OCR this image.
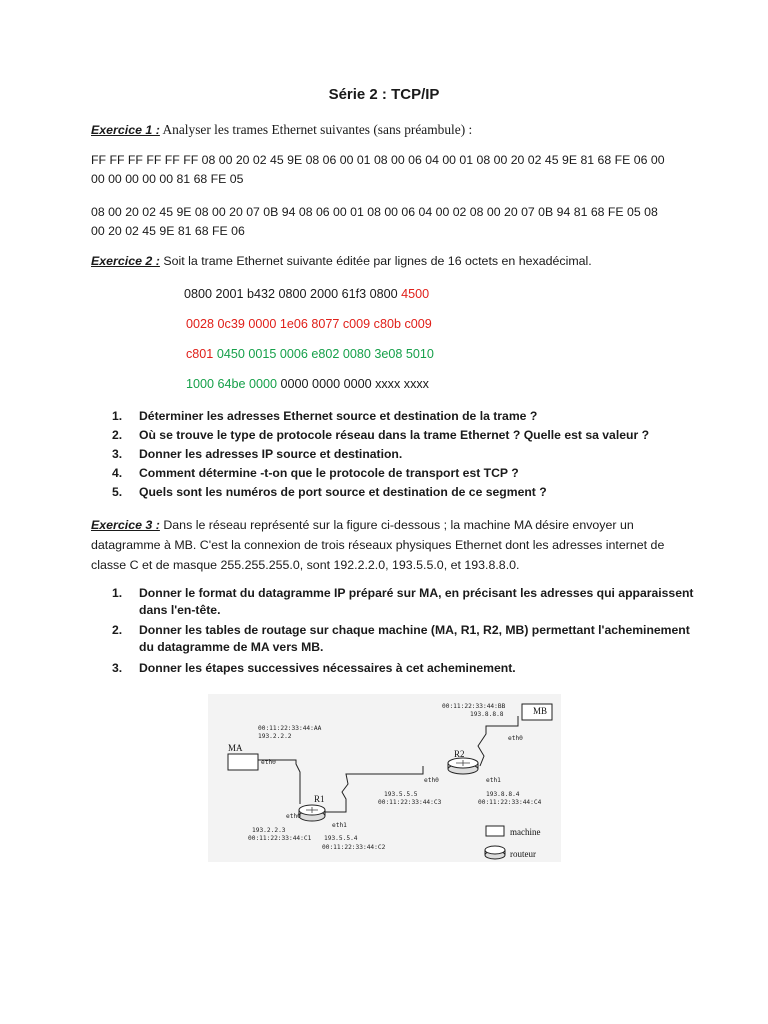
Série 2 : TCP/IP
Exercice 1 : Analyser les trames Ethernet suivantes (sans préambule) :
FF FF FF FF FF FF 08 00 20 02 45 9E 08 06 00 01 08 00 06 04 00 01 08 00 20 02 45 9E 81 68 FE 06 00
00 00 00 00 00 81 68 FE 05
08 00 20 02 45 9E 08 00 20 07 0B 94 08 06 00 01 08 00 06 04 00 02 08 00 20 07 0B 94 81 68 FE 05 08
00 20 02 45 9E 81 68 FE 06
Exercice 2 : Soit la trame Ethernet suivante éditée par lignes de 16 octets en hexadécimal.
0800 2001 b432 0800 2000 61f3 0800 4500
0028 0c39 0000 1e06 8077 c009 c80b c009
c801 0450 0015 0006 e802 0080 3e08 5010
1000 64be 0000 0000 0000 0000 xxxx xxxx
1.	Déterminer les adresses Ethernet source et destination de la trame ?
2.	Où se trouve le type de protocole réseau dans la trame Ethernet ? Quelle est sa valeur ?
3.	Donner les adresses IP source et destination.
4.	Comment détermine -t-on que le protocole de transport est TCP ?
5.	Quels sont les numéros de port source et destination de ce segment ?
Exercice 3 : Dans le réseau représenté sur la figure ci-dessous ; la machine MA désire envoyer un datagramme à MB. C'est la connexion de trois réseaux physiques Ethernet dont les adresses internet de classe C et de masque 255.255.255.0, sont 192.2.2.0, 193.5.5.0, et 193.8.8.0.
1.	Donner le format du datagramme IP préparé sur MA, en précisant les adresses qui apparaissent dans l'en-tête.
2.	Donner les tables de routage sur chaque machine (MA, R1, R2, MB) permettant l'acheminement du datagramme de MA vers MB.
3.	Donner les étapes successives nécessaires à cet acheminement.
MA
00:11:22:33:44:AA
193.2.2.2
eth0
R1
eth0
eth1
193.2.2.3
00:11:22:33:44:C1 193.5.5.4
00:11:22:33:44:C2
R2
eth0	eth1
193.5.5.5
00:11:22:33:44:C3
193.8.8.4
00:11:22:33:44:C4
MB
00:11:22:33:44:BB
193.8.8.8
eth0
machine
routeur
